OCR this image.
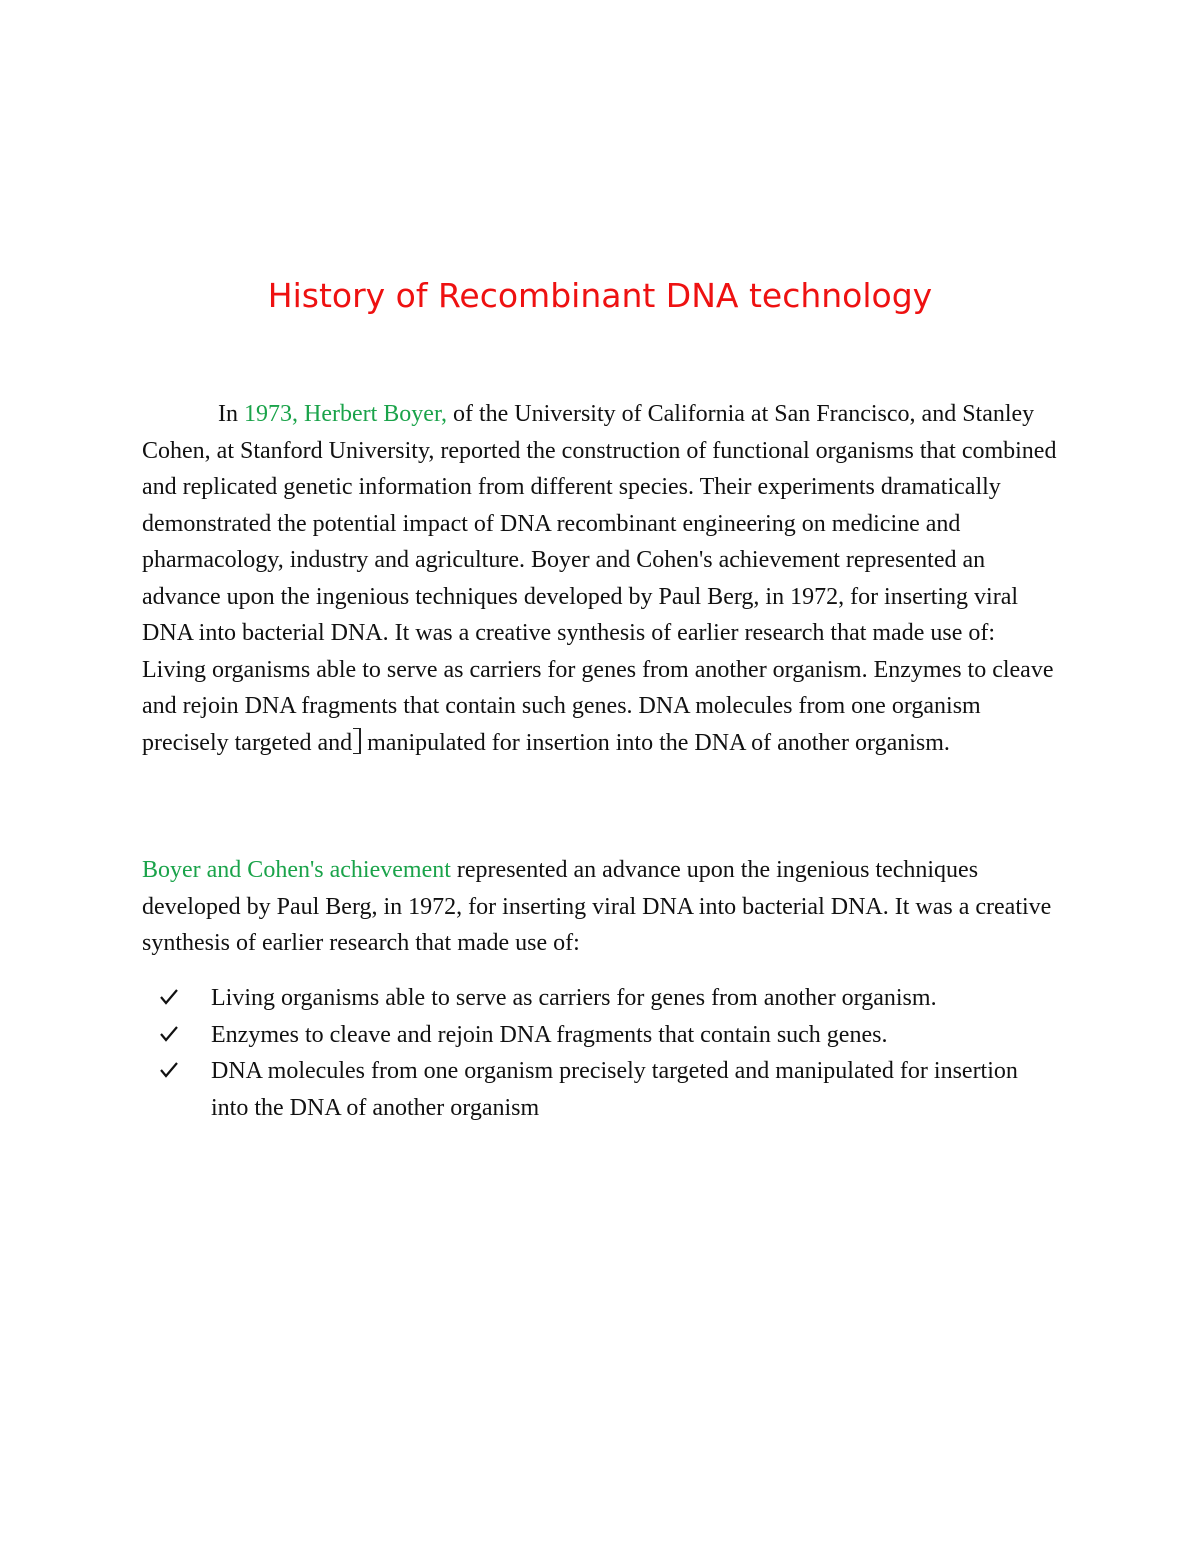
History of Recombinant DNA technology

In 1973, Herbert Boyer, of the University of California at San Francisco, and Stanley Cohen, at Stanford University, reported the construction of functional organisms that combined and replicated genetic information from different species. Their experiments dramatically demonstrated the potential impact of DNA recombinant engineering on medicine and pharmacology, industry and agriculture. Boyer and Cohen's achievement represented an advance upon the ingenious techniques developed by Paul Berg, in 1972, for inserting viral DNA into bacterial DNA. It was a creative synthesis of earlier research that made use of: Living organisms able to serve as carriers for genes from another organism. Enzymes to cleave and rejoin DNA fragments that contain such genes. DNA molecules from one organism precisely targeted and manipulated for insertion into the DNA of another organism.

Boyer and Cohen's achievement represented an advance upon the ingenious techniques developed by Paul Berg, in 1972, for inserting viral DNA into bacterial DNA. It was a creative synthesis of earlier research that made use of:

Living organisms able to serve as carriers for genes from another organism.
Enzymes to cleave and rejoin DNA fragments that contain such genes.
DNA molecules from one organism precisely targeted and manipulated for insertion into the DNA of another organism
